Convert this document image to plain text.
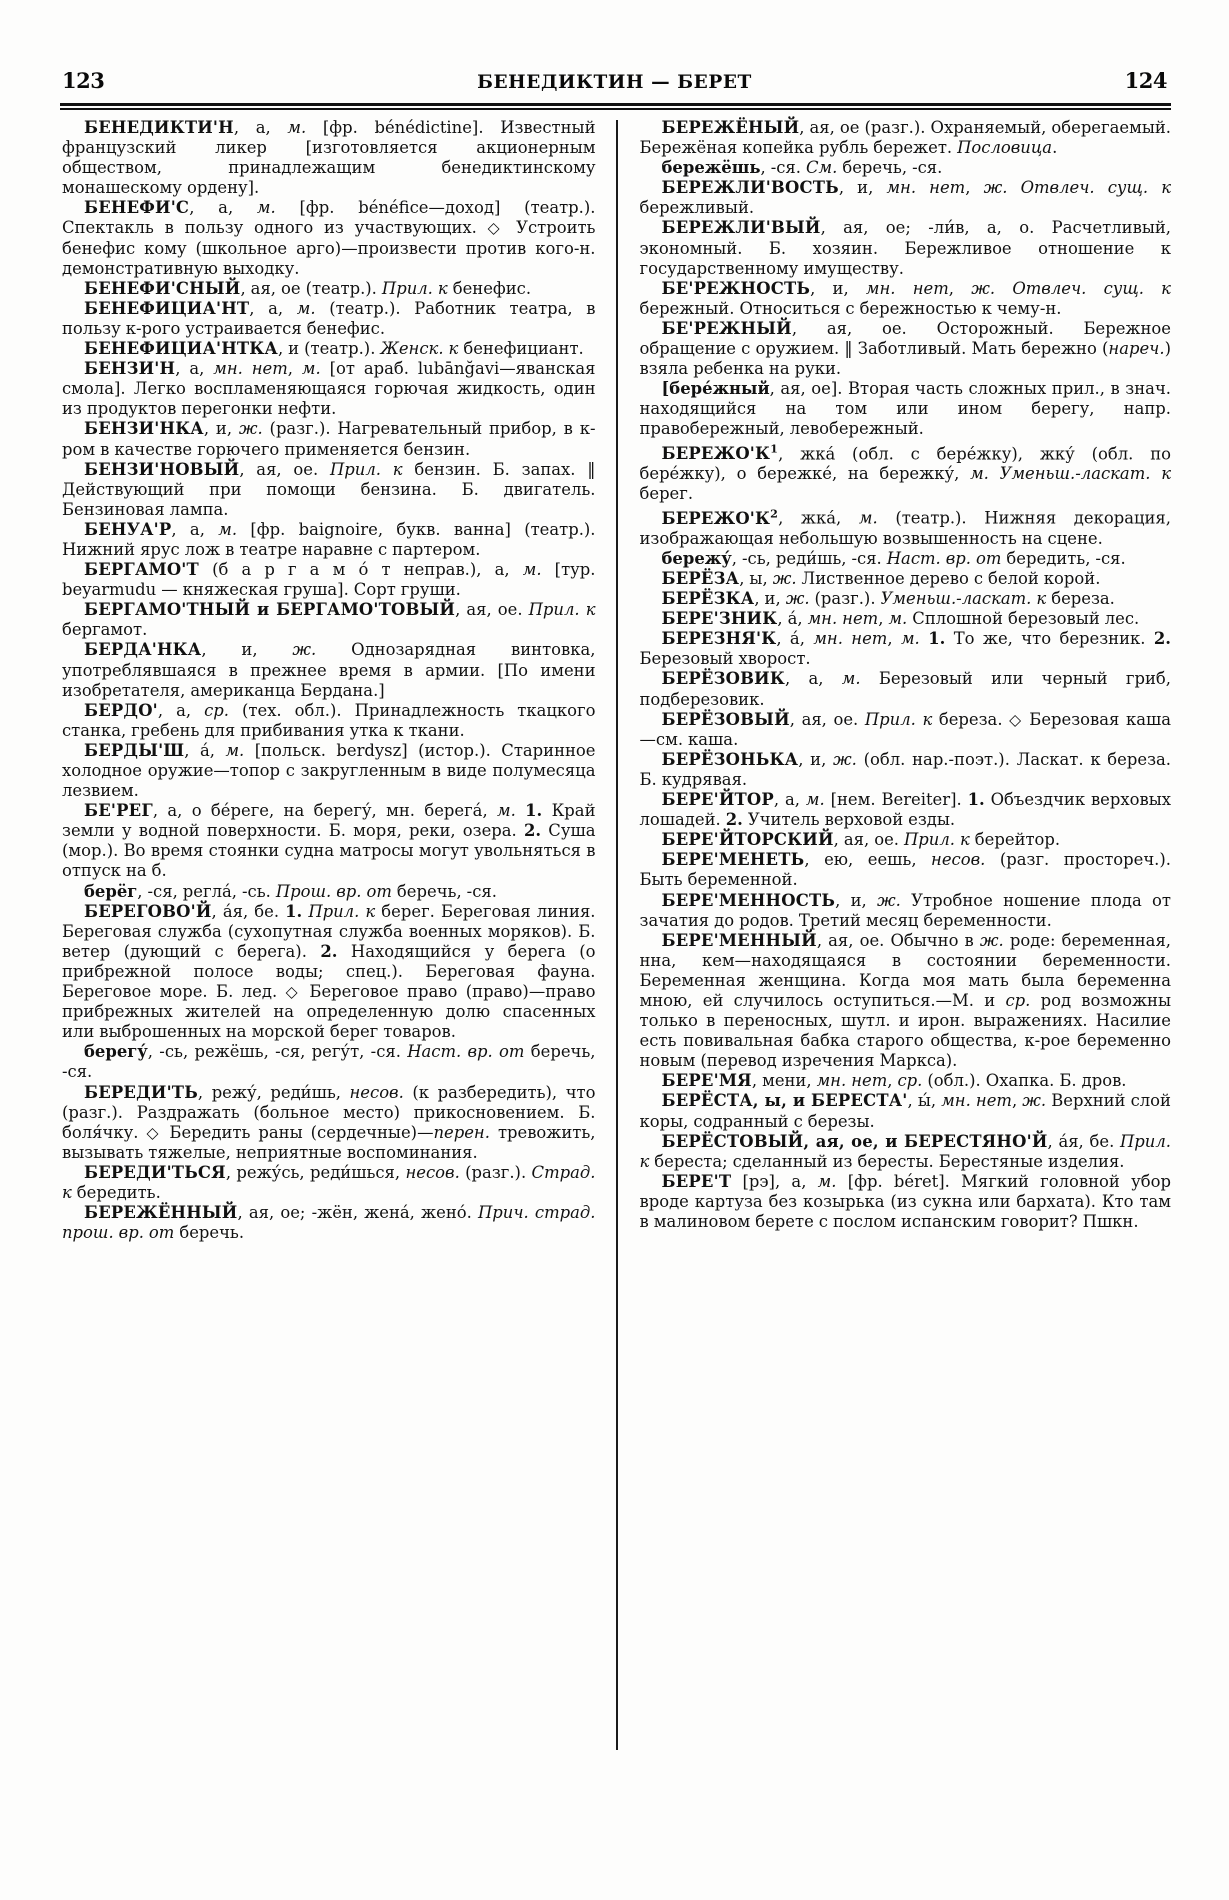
123	БЕНЕДИКТИН — БЕРЕТ	124

БЕНЕДИКТИ'Н, а, м. [фр. bénédictine]. Известный французский ликер [изготовляется акционерным обществом, принадлежащим бенедиктинскому монашескому ордену].

БЕНЕФИ'С, а, м. [фр. bénéfice—доход] (театр.). Спектакль в пользу одного из участвующих. ◇ Устроить бенефис кому (школьное арго)—произвести против кого-н. демонстративную выходку.

БЕНЕФИ'СНЫЙ, ая, ое (театр.). Прил. к бенефис.

БЕНЕФИЦИА'НТ, а, м. (театр.). Работник театра, в пользу к-рого устраивается бенефис.

БЕНЕФИЦИА'НТКА, и (театр.). Женск. к бенефициант.

БЕНЗИ'Н, а, мн. нет, м. [от араб. lubānğavi—яванская смола]. Легко воспламеняющаяся горючая жидкость, один из продуктов перегонки нефти.

БЕНЗИ'НКА, и, ж. (разг.). Нагревательный прибор, в к-ром в качестве горючего применяется бензин.

БЕНЗИ'НОВЫЙ, ая, ое. Прил. к бензин. Б. запах. ‖ Действующий при помощи бензина. Б. двигатель. Бензиновая лампа.

БЕНУА'Р, а, м. [фр. baignoire, букв. ванна] (театр.). Нижний ярус лож в театре наравне с партером.

БЕРГАМО'Т (б а р г а м о́ т неправ.), а, м. [тур. beyarmudu — княжеская груша]. Сорт груши.

БЕРГАМО'ТНЫЙ и БЕРГАМО'ТОВЫЙ, ая, ое. Прил. к бергамот.

БЕРДА'НКА, и, ж. Однозарядная винтовка, употреблявшаяся в прежнее время в армии. [По имени изобретателя, американца Бердана.]

БЕРДО', а, ср. (тех. обл.). Принадлежность ткацкого станка, гребень для прибивания утка к ткани.

БЕРДЫ'Ш, а́, м. [польск. berdysz] (истор.). Старинное холодное оружие—топор с закругленным в виде полумесяца лезвием.

БЕ'РЕГ, а, о бе́реге, на берегу́, мн. берега́, м. 1. Край земли у водной поверхности. Б. моря, реки, озера. 2. Суша (мор.). Во время стоянки судна матросы могут увольняться в отпуск на б.

берёг, -ся, регла́, -сь. Прош. вр. от беречь, -ся.

БЕРЕГОВО'Й, а́я, бе. 1. Прил. к берег. Береговая линия. Береговая служба (сухопутная служба военных моряков). Б. ветер (дующий с берега). 2. Находящийся у берега (о прибрежной полосе воды; спец.). Береговая фауна. Береговое море. Б. лед. ◇ Береговое право (право)—право прибрежных жителей на определенную долю спасенных или выброшенных на морской берег товаров.

берегу́, -сь, режёшь, -ся, регу́т, -ся. Наст. вр. от беречь, -ся.

БЕРЕДИ'ТЬ, режу́, реди́шь, несов. (к разбередить), что (разг.). Раздражать (больное место) прикосновением. Б. боля́чку. ◇ Бередить раны (сердечные)—перен. тревожить, вызывать тяжелые, неприятные воспоминания.

БЕРЕДИ'ТЬСЯ, режу́сь, реди́шься, несов. (разг.). Страд. к бередить.

БЕРЕЖЁННЫЙ, ая, ое; -жён, жена́, жено́. Прич. страд. прош. вр. от беречь.

БЕРЕЖЁНЫЙ, ая, ое (разг.). Охраняемый, оберегаемый. Бережёная копейка рубль бережет. Пословица.

бережёшь, -ся. См. беречь, -ся.

БЕРЕЖЛИ'ВОСТЬ, и, мн. нет, ж. Отвлеч. сущ. к бережливый.

БЕРЕЖЛИ'ВЫЙ, ая, ое; -ли́в, а, о. Расчетливый, экономный. Б. хозяин. Бережливое отношение к государственному имуществу.

БЕ'РЕЖНОСТЬ, и, мн. нет, ж. Отвлеч. сущ. к бережный. Относиться с бережностью к чему-н.

БЕ'РЕЖНЫЙ, ая, ое. Осторожный. Бережное обращение с оружием. ‖ Заботливый. Мать бережно (нареч.) взяла ребенка на руки.

[бере́жный, ая, ое]. Вторая часть сложных прил., в знач. находящийся на том или ином берегу, напр. правобережный, левобережный.

$БЕРЕЖО'К^1$, жка́ (обл. с бере́жку), жку́ (обл. по бере́жку), о бережке́, на бережку́, м. Уменьш.-ласкат. к берег.

$БЕРЕЖО'К^2$, жка́, м. (театр.). Нижняя декорация, изображающая небольшую возвышенность на сцене.

бережу́, -сь, реди́шь, -ся. Наст. вр. от бередить, -ся.

БЕРЁЗА, ы, ж. Лиственное дерево с белой корой.

БЕРЁЗКА, и, ж. (разг.). Уменьш.-ласкат. к береза.

БЕРЕ'ЗНИК, а́, мн. нет, м. Сплошной березовый лес.

БЕРЕЗНЯ'К, а́, мн. нет, м. 1. То же, что березник. 2. Березовый хворост.

БЕРЁЗОВИК, а, м. Березовый или черный гриб, подберезовик.

БЕРЁЗОВЫЙ, ая, ое. Прил. к береза. ◇ Березовая каша—см. каша.

БЕРЁЗОНЬКА, и, ж. (обл. нар.-поэт.). Ласкат. к береза. Б. кудрявая.

БЕРЕ'ЙТОР, а, м. [нем. Bereiter]. 1. Объездчик верховых лошадей. 2. Учитель верховой езды.

БЕРЕ'ЙТОРСКИЙ, ая, ое. Прил. к берейтор.

БЕРЕ'МЕНЕТЬ, ею, еешь, несов. (разг. простореч.). Быть беременной.

БЕРЕ'МЕННОСТЬ, и, ж. Утробное ношение плода от зачатия до родов. Третий месяц беременности.

БЕРЕ'МЕННЫЙ, ая, ое. Обычно в ж. роде: беременная, нна, кем—находящаяся в состоянии беременности. Беременная женщина. Когда моя мать была беременна мною, ей случилось оступиться.—М. и ср. род возможны только в переносных, шутл. и ирон. выражениях. Насилие есть повивальная бабка старого общества, к-рое беременно новым (перевод изречения Маркса).

БЕРЕ'МЯ, мени, мн. нет, ср. (обл.). Охапка. Б. дров.

БЕРЁСТА, ы, и БЕРЕСТА', ы́, мн. нет, ж. Верхний слой коры, содранный с березы.

БЕРЁСТОВЫЙ, ая, ое, и БЕРЕСТЯНО'Й, а́я, бе. Прил. к береста; сделанный из бересты. Берестяные изделия.

БЕРЕ'Т [рэ], а, м. [фр. béret]. Мягкий головной убор вроде картуза без козырька (из сукна или бархата). Кто там в малиновом берете с послом испанским говорит? Пшкн.
